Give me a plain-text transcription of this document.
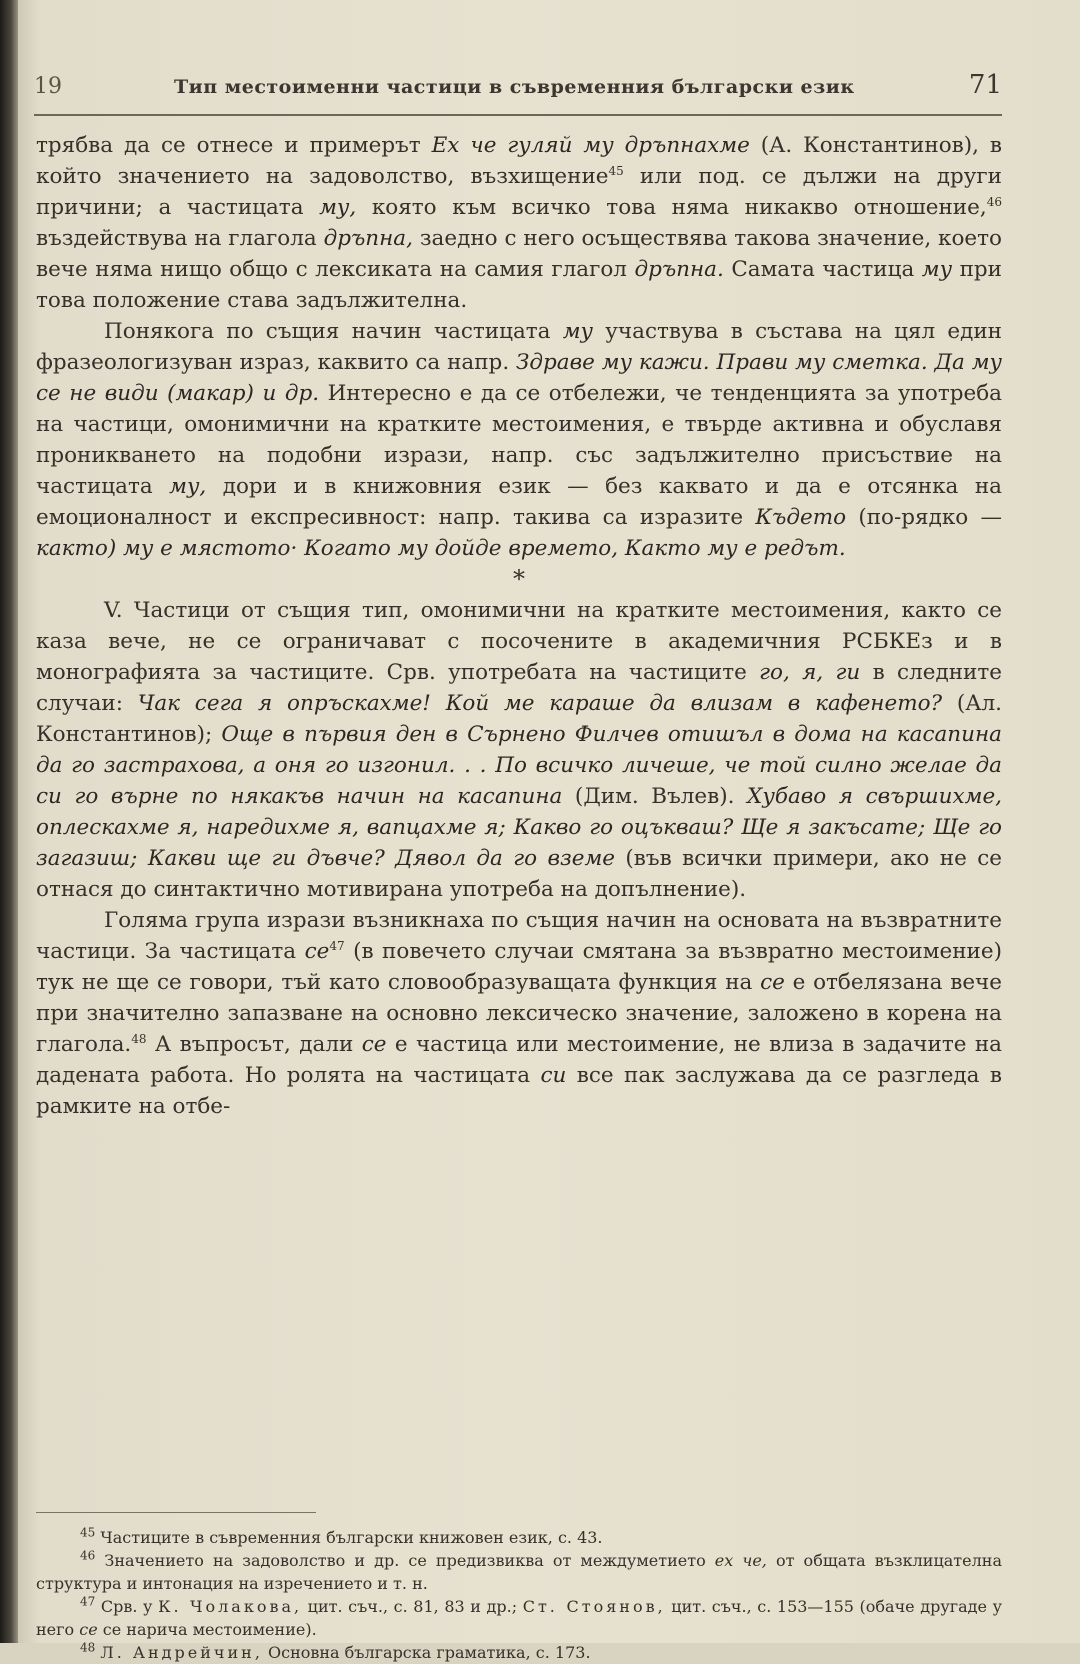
19	Тип местоименни частици в съвременния български език	71

трябва да се отнесе и примерът Ех че гуляй му дръпнахме (А. Константинов), в който значението на задоволство, възхищение$^{45}$ или под. се дължи на други причини; а частицата му, която към всичко това няма никакво отношение,$^{46}$ въздействува на глагола дръпна, заедно с него осъществява такова значение, което вече няма нищо общо с лексиката на самия глагол дръпна. Самата частица му при това положение става задължителна.

Понякога по същия начин частицата му участвува в състава на цял един фразеологизуван израз, каквито са напр. Здраве му кажи. Прави му сметка. Да му се не види (макар) и др. Интересно е да се отбележи, че тенденцията за употреба на частици, омонимични на кратките местоимения, е твърде активна и обуславя проникването на подобни изрази, напр. със задължително присъствие на частицата му, дори и в книжовния език — без каквато и да е отсянка на емоционалност и експресивност: напр. такива са изразите Където (по-рядко — както) му е мястото· Когато му дойде времето, Както му е редът.

*

V. Частици от същия тип, омонимични на кратките местоимения, както се каза вече, не се ограничават с посочените в академичния РСБКЕз и в монографията за частиците. Срв. употребата на частиците го, я, ги в следните случаи: Чак сега я опръскахме! Кой ме караше да влизам в кафенето? (Ал. Константинов); Още в първия ден в Сърнено Филчев отишъл в дома на касапина да го застрахова, а оня го изгонил. . . По всичко личеше, че той силно желае да си го върне по някакъв начин на касапина (Дим. Вълев). Хубаво я свършихме, оплескахме я, наредихме я, вапцахме я; Какво го оцъкваш? Ще я закъсате; Ще го загазиш; Какви ще ги дъвче? Дявол да го вземе (във всички примери, ако не се отнася до синтактично мотивирана употреба на допълнение).

Голяма група изрази възникнаха по същия начин на основата на възвратните частици. За частицата $се^{47}$ (в повечето случаи смятана за възвратно местоимение) тук не ще се говори, тъй като словообразуващата функция на се е отбелязана вече при значително запазване на основно лексическо значение, заложено в корена на глагола.$^{48}$ А въпросът, дали се е частица или местоимение, не влиза в задачите на дадената работа. Но ролята на частицата си все пак заслужава да се разгледа в рамките на отбе-

$^{45}$ Частиците в съвременния български книжовен език, с. 43.

$^{46}$ Значението на задоволство и др. се предизвиква от междуметието ех че, от общата възклицателна структура и интонация на изречението и т. н.

$^{47}$ Срв. у К. Чолакова, цит. съч., с. 81, 83 и др.; Ст. Стоянов, цит. съч., с. 153—155 (обаче другаде у него се се нарича местоимение).

$^{48}$ Л. Андрейчин, Основна българска граматика, с. 173.
